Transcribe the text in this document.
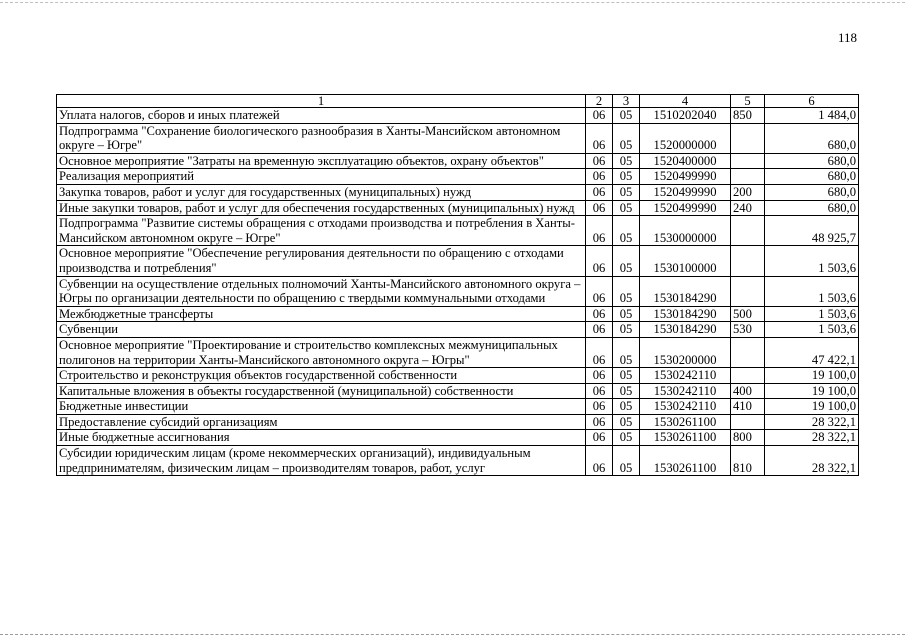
118
1	2	3	4	5	6
Уплата налогов, сборов и иных платежей	06	05	1510202040	850	1 484,0
Подпрограмма "Сохранение биологического разнообразия в Ханты-Мансийском автономном округе – Югре"	06	05	1520000000		680,0
Основное мероприятие "Затраты на временную эксплуатацию объектов, охрану объектов"	06	05	1520400000		680,0
Реализация мероприятий	06	05	1520499990		680,0
Закупка товаров, работ и услуг для государственных (муниципальных) нужд	06	05	1520499990	200	680,0
Иные закупки товаров, работ и услуг для обеспечения государственных (муниципальных) нужд	06	05	1520499990	240	680,0
Подпрограмма "Развитие системы обращения с отходами производства и потребления в Ханты-Мансийском автономном округе – Югре"	06	05	1530000000		48 925,7
Основное мероприятие "Обеспечение регулирования деятельности по обращению с отходами производства и потребления"	06	05	1530100000		1 503,6
Субвенции на осуществление отдельных полномочий Ханты-Мансийского автономного округа – Югры по организации деятельности по обращению с твердыми коммунальными отходами	06	05	1530184290		1 503,6
Межбюджетные трансферты	06	05	1530184290	500	1 503,6
Субвенции	06	05	1530184290	530	1 503,6
Основное мероприятие "Проектирование и строительство комплексных межмуниципальных полигонов на территории Ханты-Мансийского автономного округа – Югры"	06	05	1530200000		47 422,1
Строительство и реконструкция объектов государственной собственности	06	05	1530242110		19 100,0
Капитальные вложения в объекты государственной (муниципальной) собственности	06	05	1530242110	400	19 100,0
Бюджетные инвестиции	06	05	1530242110	410	19 100,0
Предоставление субсидий организациям	06	05	1530261100		28 322,1
Иные бюджетные ассигнования	06	05	1530261100	800	28 322,1
Субсидии юридическим лицам (кроме некоммерческих организаций), индивидуальным предпринимателям, физическим лицам – производителям товаров, работ, услуг	06	05	1530261100	810	28 322,1
